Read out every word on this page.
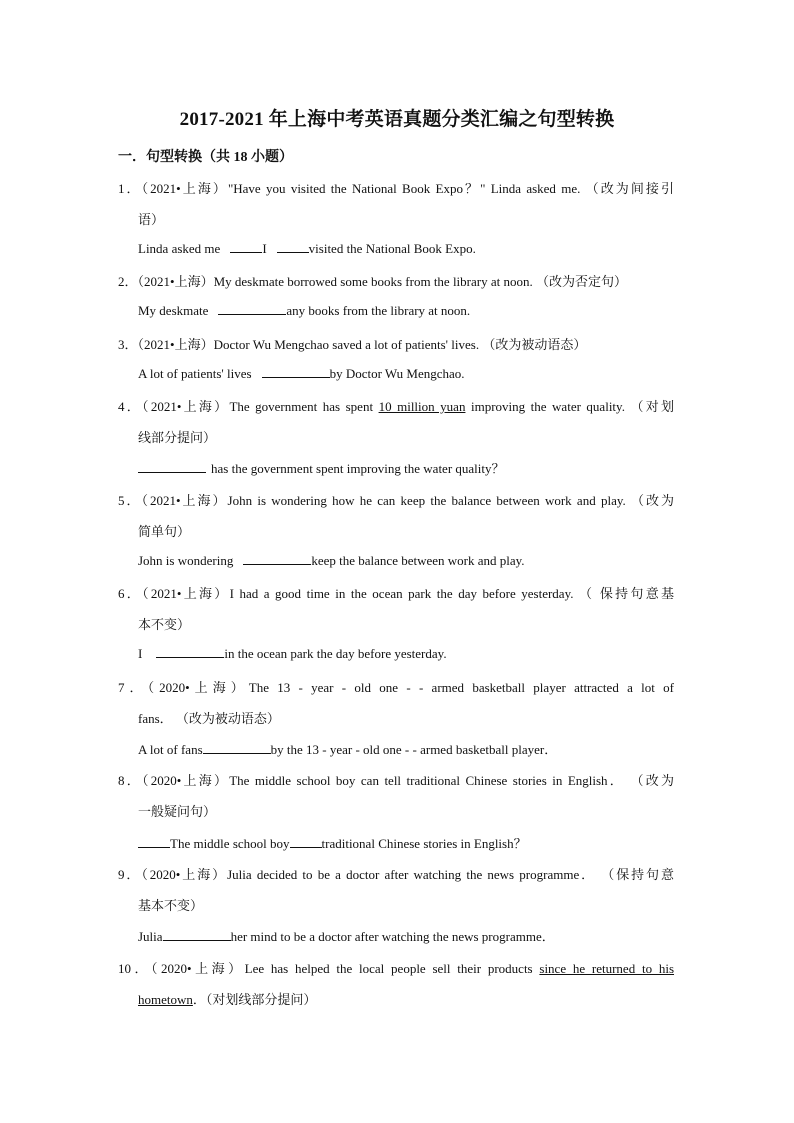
2017-2021 年上海中考英语真题分类汇编之句型转换
一．句型转换（共 18 小题）
1．（2021•上海）"Have you visited the National Book Expo？" Linda asked me. （改为间接引
语）
Linda asked me	I	visited the National Book Expo.
2．（2021•上海）My deskmate borrowed some books from the library at noon. （改为否定句）
My deskmate	any books from the library at noon.
3．（2021•上海）Doctor Wu Mengchao saved a lot of patients' lives. （改为被动语态）
A lot of patients' lives	by Doctor Wu Mengchao.
4．（2021•上海）The government has spent 10 million yuan improving the water quality. （对划
线部分提问）
has the government spent improving the water quality？
5．（2021•上海）John is wondering how he can keep the balance between work and play. （改为
简单句）
John is wondering	keep the balance between work and play.
6．（2021•上海）I had a good time in the ocean park the day before yesterday. （ 保持句意基
本不变）
I	in the ocean park the day before yesterday.
7．（2020•上海）The 13 - year - old one - - armed basketball player attracted a lot of
fans． （改为被动语态）
A lot of fans	by the 13 - year - old one - - armed basketball player．
8．（2020•上海）The middle school boy can tell traditional Chinese stories in English． （改为
一般疑问句）
The middle school boy traditional Chinese stories in English？
9．（2020•上海）Julia decided to be a doctor after watching the news programme． （保持句意
基本不变）
Julia	her mind to be a doctor after watching the news programme．
10．（2020•上海）Lee has helped the local people sell their products since he returned to his
hometown．（对划线部分提问）
